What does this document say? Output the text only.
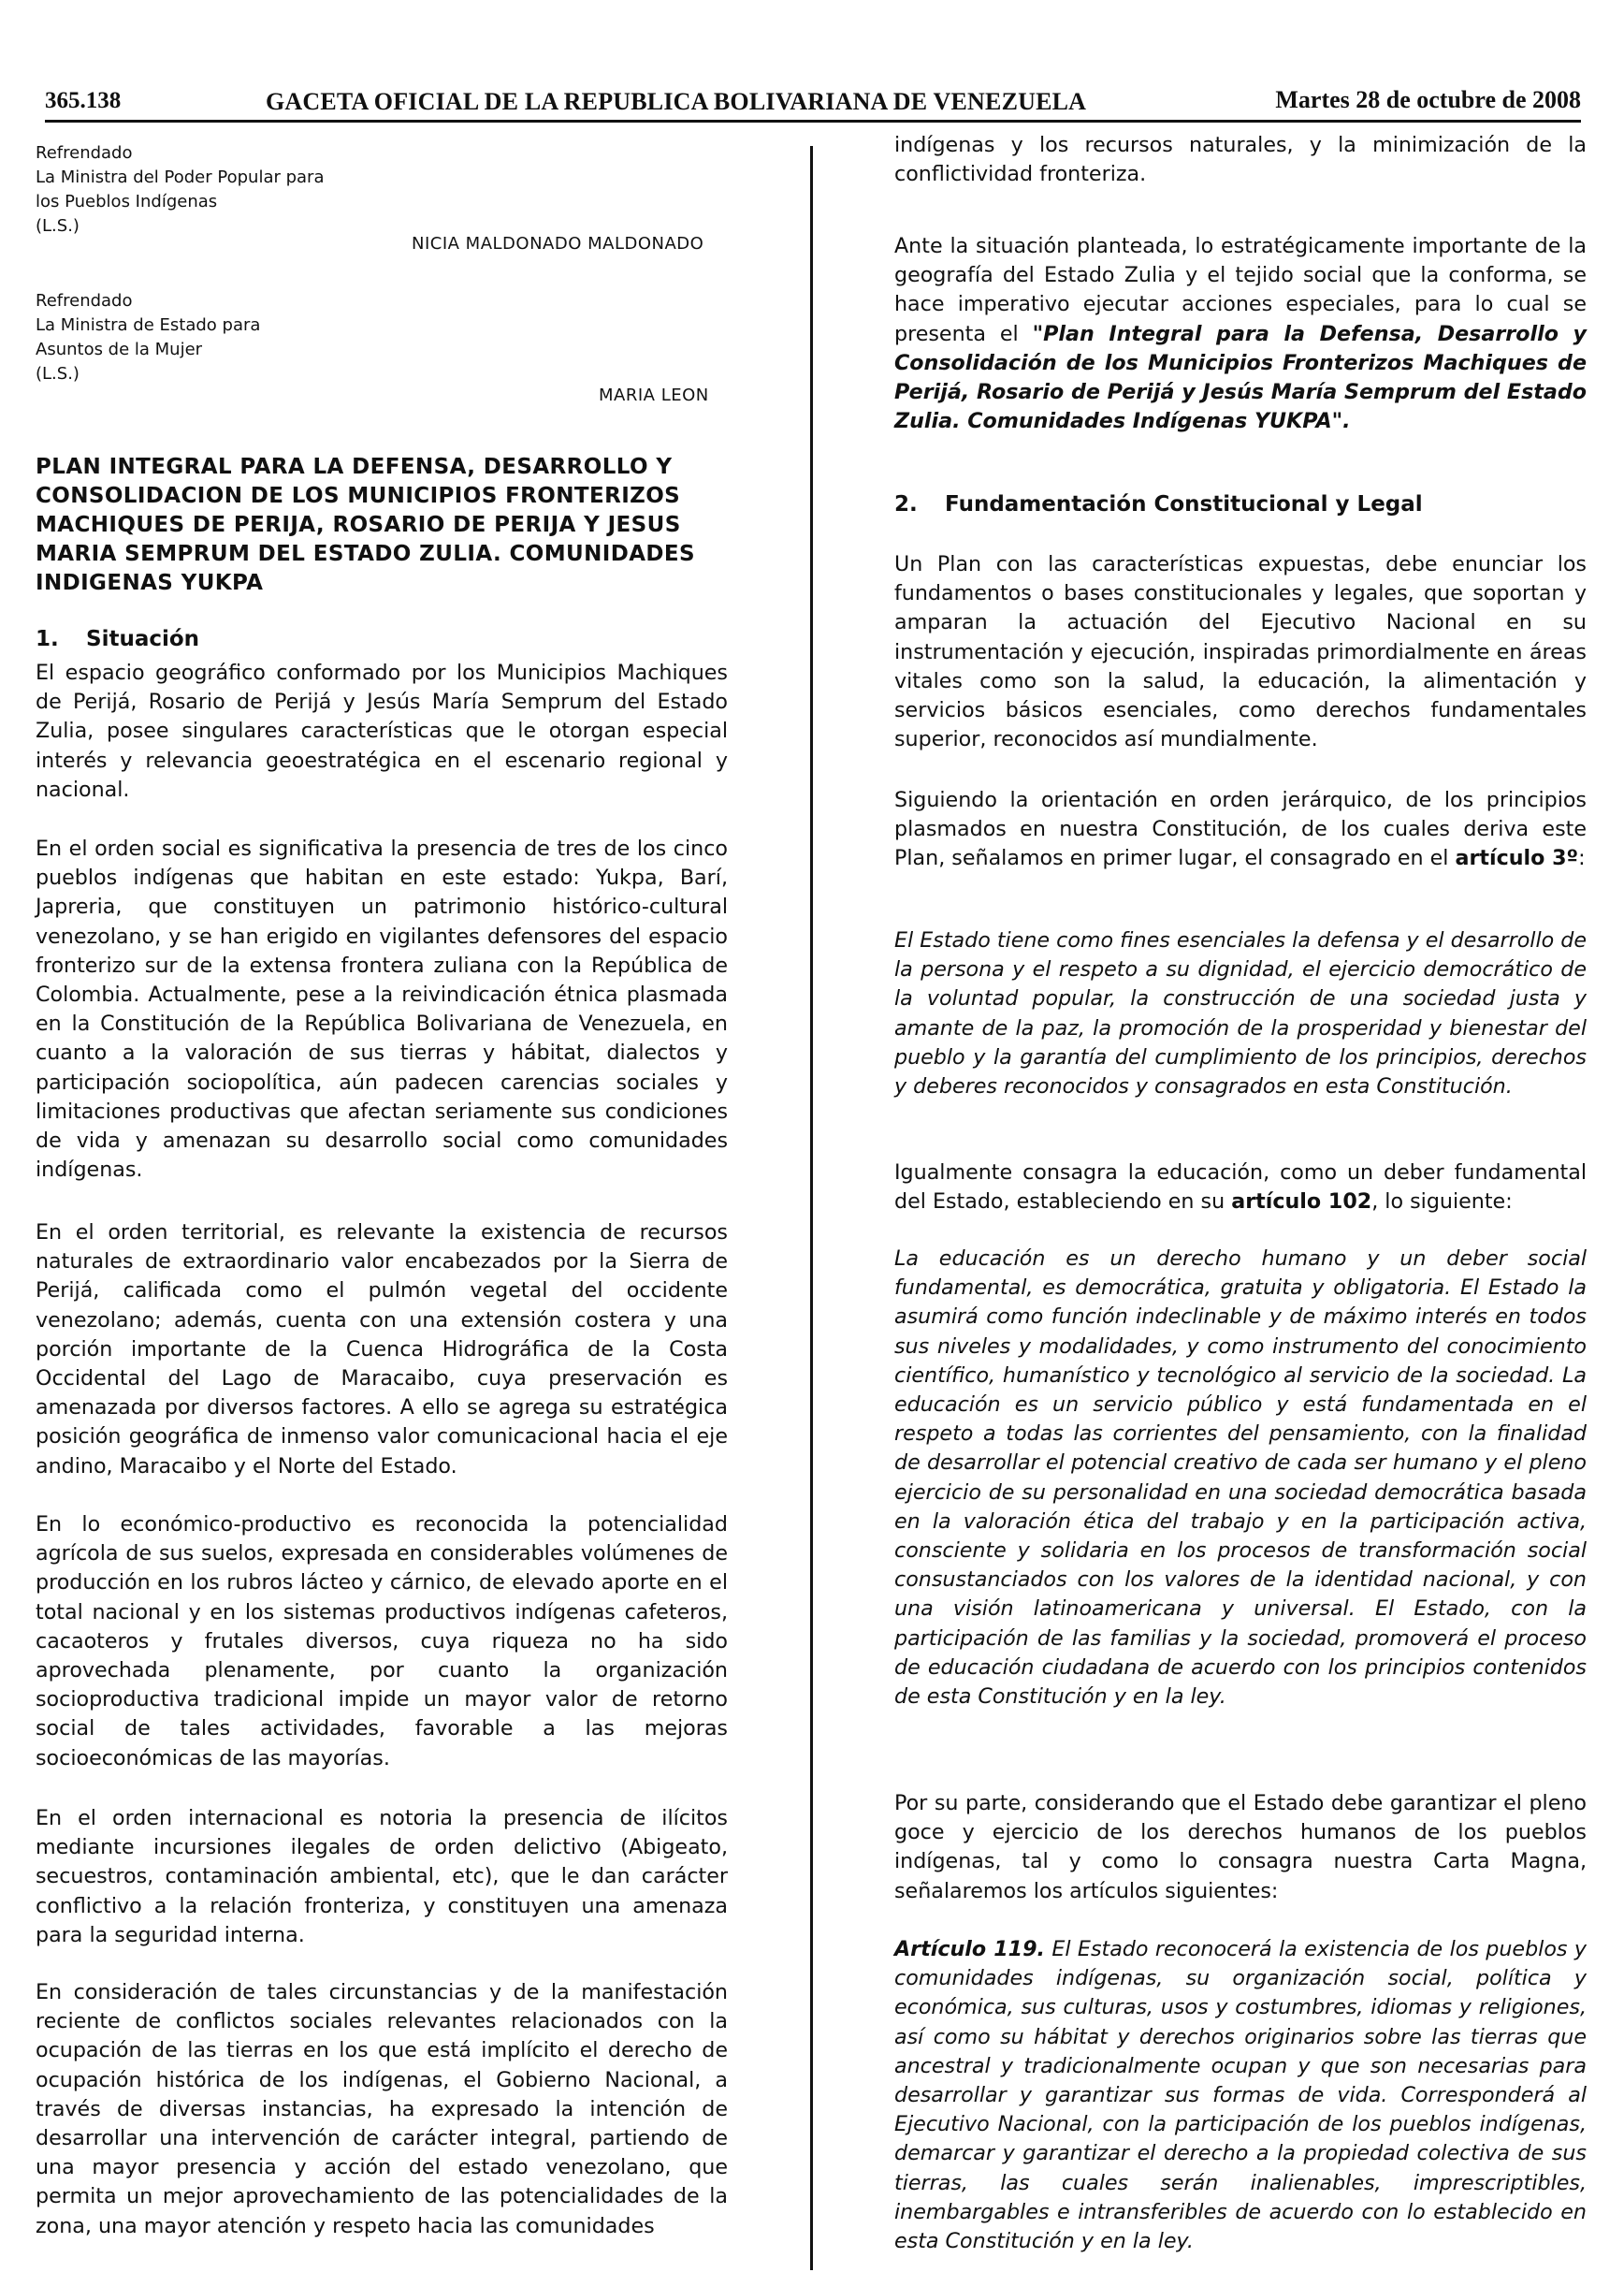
365.138	GACETA OFICIAL DE LA REPUBLICA BOLIVARIANA DE VENEZUELA	Martes 28 de octubre de 2008
Refrendado
La Ministra del Poder Popular para
los Pueblos Indígenas
(L.S.)
NICIA MALDONADO MALDONADO
Refrendado
La Ministra de Estado para
Asuntos de la Mujer
(L.S.)
MARIA LEON
PLAN INTEGRAL PARA LA DEFENSA, DESARROLLO Y CONSOLIDACION DE LOS MUNICIPIOS FRONTERIZOS MACHIQUES DE PERIJA, ROSARIO DE PERIJA Y JESUS MARIA SEMPRUM DEL ESTADO ZULIA. COMUNIDADES INDIGENAS YUKPA
1. Situación

El espacio geográfico conformado por los Municipios Machiques de Perijá, Rosario de Perijá y Jesús María Semprum del Estado Zulia, posee singulares características que le otorgan especial interés y relevancia geoestratégica en el escenario regional y nacional.

En el orden social es significativa la presencia de tres de los cinco pueblos indígenas que habitan en este estado: Yukpa, Barí, Japreria, que constituyen un patrimonio histórico-cultural venezolano, y se han erigido en vigilantes defensores del espacio fronterizo sur de la extensa frontera zuliana con la República de Colombia. Actualmente, pese a la reivindicación étnica plasmada en la Constitución de la República Bolivariana de Venezuela, en cuanto a la valoración de sus tierras y hábitat, dialectos y participación sociopolítica, aún padecen carencias sociales y limitaciones productivas que afectan seriamente sus condiciones de vida y amenazan su desarrollo social como comunidades indígenas.

En el orden territorial, es relevante la existencia de recursos naturales de extraordinario valor encabezados por la Sierra de Perijá, calificada como el pulmón vegetal del occidente venezolano; además, cuenta con una extensión costera y una porción importante de la Cuenca Hidrográfica de la Costa Occidental del Lago de Maracaibo, cuya preservación es amenazada por diversos factores. A ello se agrega su estratégica posición geográfica de inmenso valor comunicacional hacia el eje andino, Maracaibo y el Norte del Estado.

En lo económico-productivo es reconocida la potencialidad agrícola de sus suelos, expresada en considerables volúmenes de producción en los rubros lácteo y cárnico, de elevado aporte en el total nacional y en los sistemas productivos indígenas cafeteros, cacaoteros y frutales diversos, cuya riqueza no ha sido aprovechada plenamente, por cuanto la organización socioproductiva tradicional impide un mayor valor de retorno social de tales actividades, favorable a las mejoras socioeconómicas de las mayorías.

En el orden internacional es notoria la presencia de ilícitos mediante incursiones ilegales de orden delictivo (Abigeato, secuestros, contaminación ambiental, etc), que le dan carácter conflictivo a la relación fronteriza, y constituyen una amenaza para la seguridad interna.

En consideración de tales circunstancias y de la manifestación reciente de conflictos sociales relevantes relacionados con la ocupación de las tierras en los que está implícito el derecho de ocupación histórica de los indígenas, el Gobierno Nacional, a través de diversas instancias, ha expresado la intención de desarrollar una intervención de carácter integral, partiendo de una mayor presencia y acción del estado venezolano, que permita un mejor aprovechamiento de las potencialidades de la zona, una mayor atención y respeto hacia las comunidades

indígenas y los recursos naturales, y la minimización de la conflictividad fronteriza.

Ante la situación planteada, lo estratégicamente importante de la geografía del Estado Zulia y el tejido social que la conforma, se hace imperativo ejecutar acciones especiales, para lo cual se presenta el "Plan Integral para la Defensa, Desarrollo y Consolidación de los Municipios Fronterizos Machiques de Perijá, Rosario de Perijá y Jesús María Semprum del Estado Zulia. Comunidades Indígenas YUKPA".

2. Fundamentación Constitucional y Legal

Un Plan con las características expuestas, debe enunciar los fundamentos o bases constitucionales y legales, que soportan y amparan la actuación del Ejecutivo Nacional en su instrumentación y ejecución, inspiradas primordialmente en áreas vitales como son la salud, la educación, la alimentación y servicios básicos esenciales, como derechos fundamentales superior, reconocidos así mundialmente.

Siguiendo la orientación en orden jerárquico, de los principios plasmados en nuestra Constitución, de los cuales deriva este Plan, señalamos en primer lugar, el consagrado en el artículo 3º:

El Estado tiene como fines esenciales la defensa y el desarrollo de la persona y el respeto a su dignidad, el ejercicio democrático de la voluntad popular, la construcción de una sociedad justa y amante de la paz, la promoción de la prosperidad y bienestar del pueblo y la garantía del cumplimiento de los principios, derechos y deberes reconocidos y consagrados en esta Constitución.

Igualmente consagra la educación, como un deber fundamental del Estado, estableciendo en su artículo 102, lo siguiente:

La educación es un derecho humano y un deber social fundamental, es democrática, gratuita y obligatoria. El Estado la asumirá como función indeclinable y de máximo interés en todos sus niveles y modalidades, y como instrumento del conocimiento científico, humanístico y tecnológico al servicio de la sociedad. La educación es un servicio público y está fundamentada en el respeto a todas las corrientes del pensamiento, con la finalidad de desarrollar el potencial creativo de cada ser humano y el pleno ejercicio de su personalidad en una sociedad democrática basada en la valoración ética del trabajo y en la participación activa, consciente y solidaria en los procesos de transformación social consustanciados con los valores de la identidad nacional, y con una visión latinoamericana y universal. El Estado, con la participación de las familias y la sociedad, promoverá el proceso de educación ciudadana de acuerdo con los principios contenidos de esta Constitución y en la ley.

Por su parte, considerando que el Estado debe garantizar el pleno goce y ejercicio de los derechos humanos de los pueblos indígenas, tal y como lo consagra nuestra Carta Magna, señalaremos los artículos siguientes:

Artículo 119. El Estado reconocerá la existencia de los pueblos y comunidades indígenas, su organización social, política y económica, sus culturas, usos y costumbres, idiomas y religiones, así como su hábitat y derechos originarios sobre las tierras que ancestral y tradicionalmente ocupan y que son necesarias para desarrollar y garantizar sus formas de vida. Corresponderá al Ejecutivo Nacional, con la participación de los pueblos indígenas, demarcar y garantizar el derecho a la propiedad colectiva de sus tierras, las cuales serán inalienables, imprescriptibles, inembargables e intransferibles de acuerdo con lo establecido en esta Constitución y en la ley.
